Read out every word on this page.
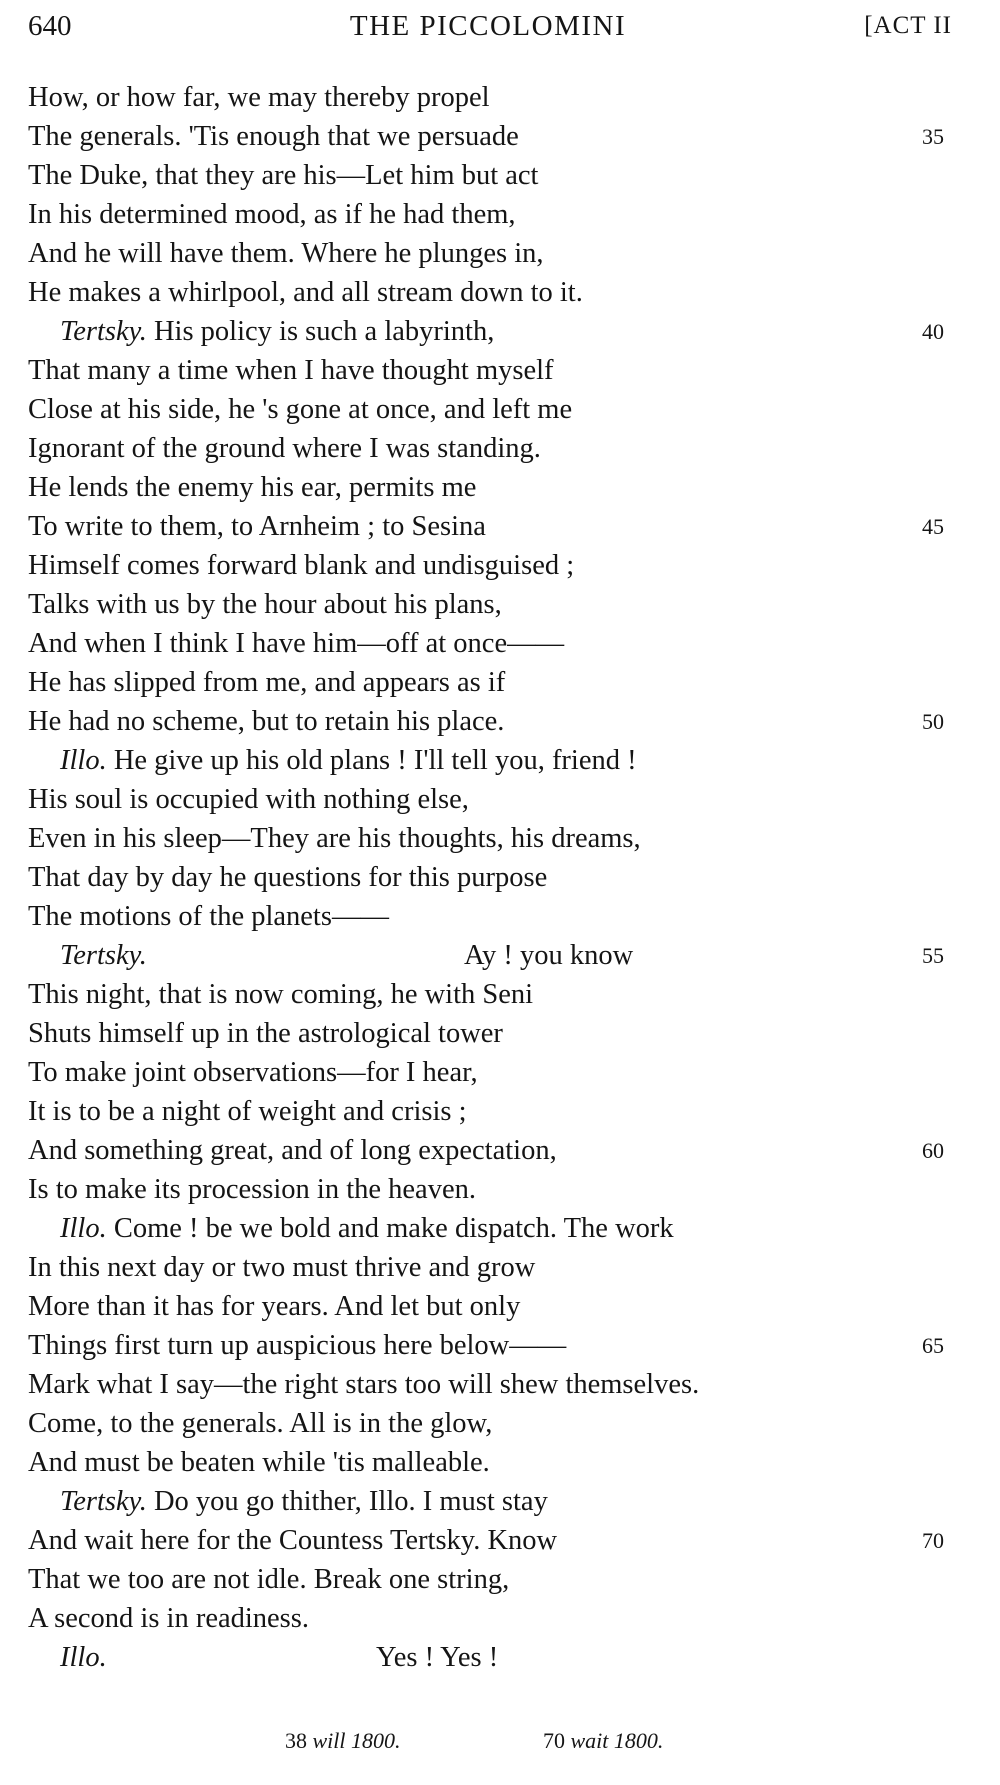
640	THE PICCOLOMINI	[ACT II
How, or how far, we may thereby propel
The generals. 'Tis enough that we persuade	35
The Duke, that they are his—Let him but act
In his determined mood, as if he had them,
And he will have them. Where he plunges in,
He makes a whirlpool, and all stream down to it.
Tertsky. His policy is such a labyrinth,	40
That many a time when I have thought myself
Close at his side, he 's gone at once, and left me
Ignorant of the ground where I was standing.
He lends the enemy his ear, permits me
To write to them, to Arnheim ; to Sesina	45
Himself comes forward blank and undisguised ;
Talks with us by the hour about his plans,
And when I think I have him—off at once——
He has slipped from me, and appears as if
He had no scheme, but to retain his place.	50
Illo. He give up his old plans ! I'll tell you, friend !
His soul is occupied with nothing else,
Even in his sleep—They are his thoughts, his dreams,
That day by day he questions for this purpose
The motions of the planets——
Tertsky.	Ay ! you know	55
This night, that is now coming, he with Seni
Shuts himself up in the astrological tower
To make joint observations—for I hear,
It is to be a night of weight and crisis ;
And something great, and of long expectation,	60
Is to make its procession in the heaven.
Illo. Come ! be we bold and make dispatch. The work
In this next day or two must thrive and grow
More than it has for years. And let but only
Things first turn up auspicious here below——	65
Mark what I say—the right stars too will shew themselves.
Come, to the generals. All is in the glow,
And must be beaten while 'tis malleable.
Tertsky. Do you go thither, Illo. I must stay
And wait here for the Countess Tertsky. Know	70
That we too are not idle. Break one string,
A second is in readiness.
Illo.	Yes ! Yes !
38 will 1800.	70 wait 1800.
